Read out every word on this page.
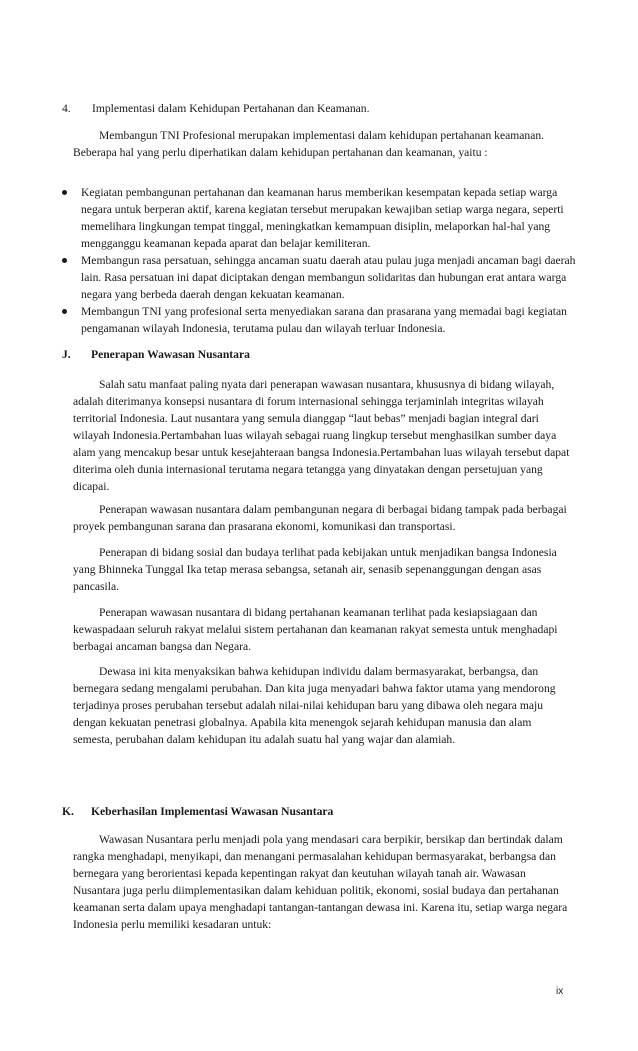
4. Implementasi dalam Kehidupan Pertahanan dan Keamanan.

Membangun TNI Profesional merupakan implementasi dalam kehidupan pertahanan keamanan. Beberapa hal yang perlu diperhatikan dalam kehidupan pertahanan dan keamanan, yaitu :

Kegiatan pembangunan pertahanan dan keamanan harus memberikan kesempatan kepada setiap warga negara untuk berperan aktif, karena kegiatan tersebut merupakan kewajiban setiap warga negara, seperti memelihara lingkungan tempat tinggal, meningkatkan kemampuan disiplin, melaporkan hal-hal yang mengganggu keamanan kepada aparat dan belajar kemiliteran.
Membangun rasa persatuan, sehingga ancaman suatu daerah atau pulau juga menjadi ancaman bagi daerah lain. Rasa persatuan ini dapat diciptakan dengan membangun solidaritas dan hubungan erat antara warga negara yang berbeda daerah dengan kekuatan keamanan.
Membangun TNI yang profesional serta menyediakan sarana dan prasarana yang memadai bagi kegiatan pengamanan wilayah Indonesia, terutama pulau dan wilayah terluar Indonesia.
J. Penerapan Wawasan Nusantara

Salah satu manfaat paling nyata dari penerapan wawasan nusantara, khususnya di bidang wilayah, adalah diterimanya konsepsi nusantara di forum internasional sehingga terjaminlah integritas wilayah territorial Indonesia. Laut nusantara yang semula dianggap “laut bebas” menjadi bagian integral dari wilayah Indonesia.Pertambahan luas wilayah sebagai ruang lingkup tersebut menghasilkan sumber daya alam yang mencakup besar untuk kesejahteraan bangsa Indonesia.Pertambahan luas wilayah tersebut dapat diterima oleh dunia internasional terutama negara tetangga yang dinyatakan dengan persetujuan yang dicapai.

Penerapan wawasan nusantara dalam pembangunan negara di berbagai bidang tampak pada berbagai proyek pembangunan sarana dan prasarana ekonomi, komunikasi dan transportasi.

Penerapan di bidang sosial dan budaya terlihat pada kebijakan untuk menjadikan bangsa Indonesia yang Bhinneka Tunggal Ika tetap merasa sebangsa, setanah air, senasib sepenanggungan dengan asas pancasila.

Penerapan wawasan nusantara di bidang pertahanan keamanan terlihat pada kesiapsiagaan dan kewaspadaan seluruh rakyat melalui sistem pertahanan dan keamanan rakyat semesta untuk menghadapi berbagai ancaman bangsa dan Negara.

Dewasa ini kita menyaksikan bahwa kehidupan individu dalam bermasyarakat, berbangsa, dan bernegara sedang mengalami perubahan. Dan kita juga menyadari bahwa faktor utama yang mendorong terjadinya proses perubahan tersebut adalah nilai-nilai kehidupan baru yang dibawa oleh negara maju dengan kekuatan penetrasi globalnya. Apabila kita menengok sejarah kehidupan manusia dan alam semesta, perubahan dalam kehidupan itu adalah suatu hal yang wajar dan alamiah.

K. Keberhasilan Implementasi Wawasan Nusantara

Wawasan Nusantara perlu menjadi pola yang mendasari cara berpikir, bersikap dan bertindak dalam rangka menghadapi, menyikapi, dan menangani permasalahan kehidupan bermasyarakat, berbangsa dan bernegara yang berorientasi kepada kepentingan rakyat dan keutuhan wilayah tanah air. Wawasan Nusantara juga perlu diimplementasikan dalam kehiduan politik, ekonomi, sosial budaya dan pertahanan keamanan serta dalam upaya menghadapi tantangan-tantangan dewasa ini. Karena itu, setiap warga negara Indonesia perlu memiliki kesadaran untuk:

ix
